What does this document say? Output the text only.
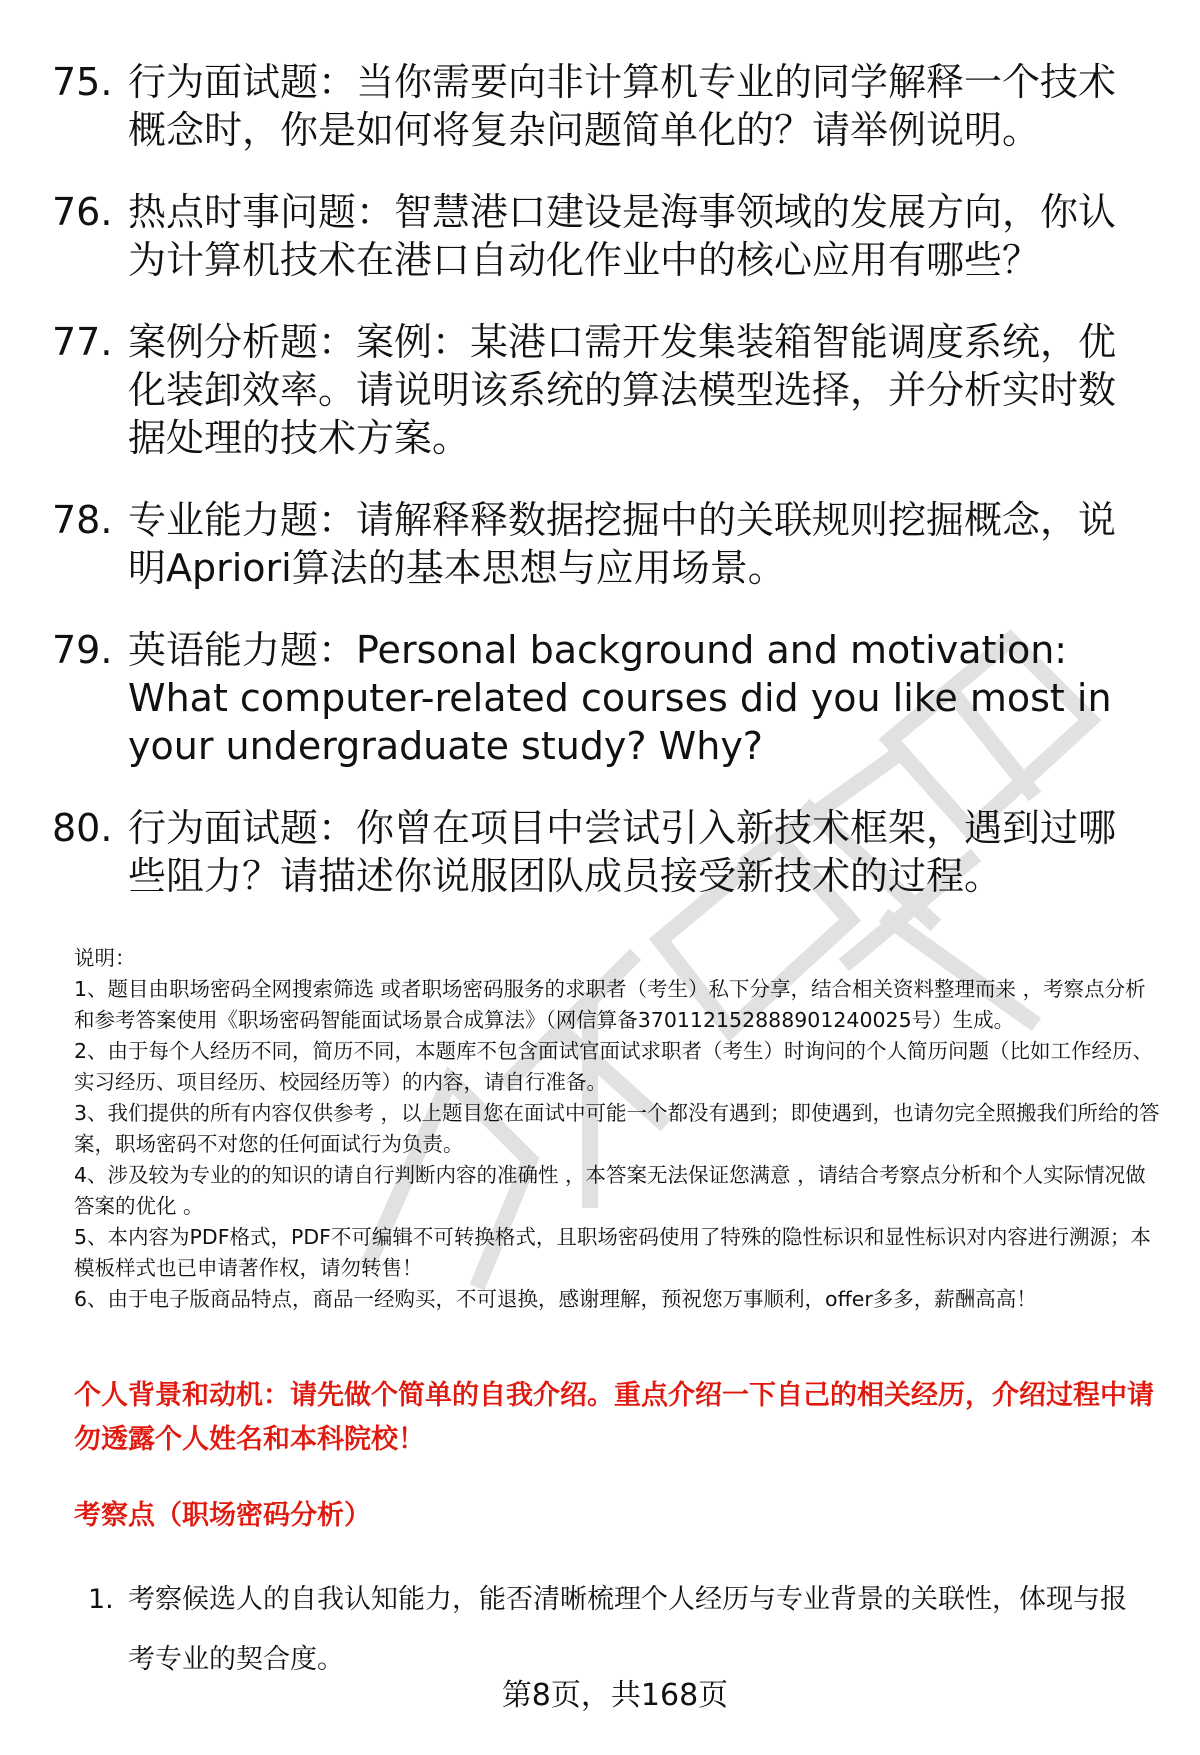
75. 行为面试题：当你需要向非计算机专业的同学解释一个技术概念时，你是如何将复杂问题简单化的？请举例说明。
76. 热点时事问题：智慧港口建设是海事领域的发展方向，你认为计算机技术在港口自动化作业中的核心应用有哪些？
77. 案例分析题：案例：某港口需开发集装箱智能调度系统，优化装卸效率。请说明该系统的算法模型选择，并分析实时数据处理的技术方案。
78. 专业能力题：请解释释数据挖掘中的关联规则挖掘概念，说明Apriori算法的基本思想与应用场景。
79. 英语能力题：Personal background and motivation: What computer-related courses did you like most in your undergraduate study? Why?
80. 行为面试题：你曾在项目中尝试引入新技术框架，遇到过哪些阻力？请描述你说服团队成员接受新技术的过程。

说明：

1、题目由职场密码全网搜索筛选 或者职场密码服务的求职者（考生）私下分享，结合相关资料整理而来 ，考察点分析和参考答案使用《职场密码智能面试场景合成算法》（网信算备370112152888901240025号）生成。

2、由于每个人经历不同，简历不同，本题库不包含面试官面试求职者（考生）时询问的个人简历问题（比如工作经历、实习经历、项目经历、校园经历等）的内容，请自行准备。

3、我们提供的所有内容仅供参考 ，以上题目您在面试中可能一个都没有遇到；即使遇到，也请勿完全照搬我们所给的答案，职场密码不对您的任何面试行为负责。

4、涉及较为专业的的知识的请自行判断内容的准确性 ，本答案无法保证您满意 ，请结合考察点分析和个人实际情况做答案的优化 。

5、本内容为PDF格式，PDF不可编辑不可转换格式，且职场密码使用了特殊的隐性标识和显性标识对内容进行溯源；本模板样式也已申请著作权，请勿转售！

6、由于电子版商品特点，商品一经购买，不可退换，感谢理解，预祝您万事顺利，offer多多，薪酬高高！

个人背景和动机：请先做个简单的自我介绍。重点介绍一下自己的相关经历，介绍过程中请勿透露个人姓名和本科院校！
考察点（职场密码分析）
1. 考察候选人的自我认知能力，能否清晰梳理个人经历与专业背景的关联性，体现与报考专业的契合度。
第8页，共168页
